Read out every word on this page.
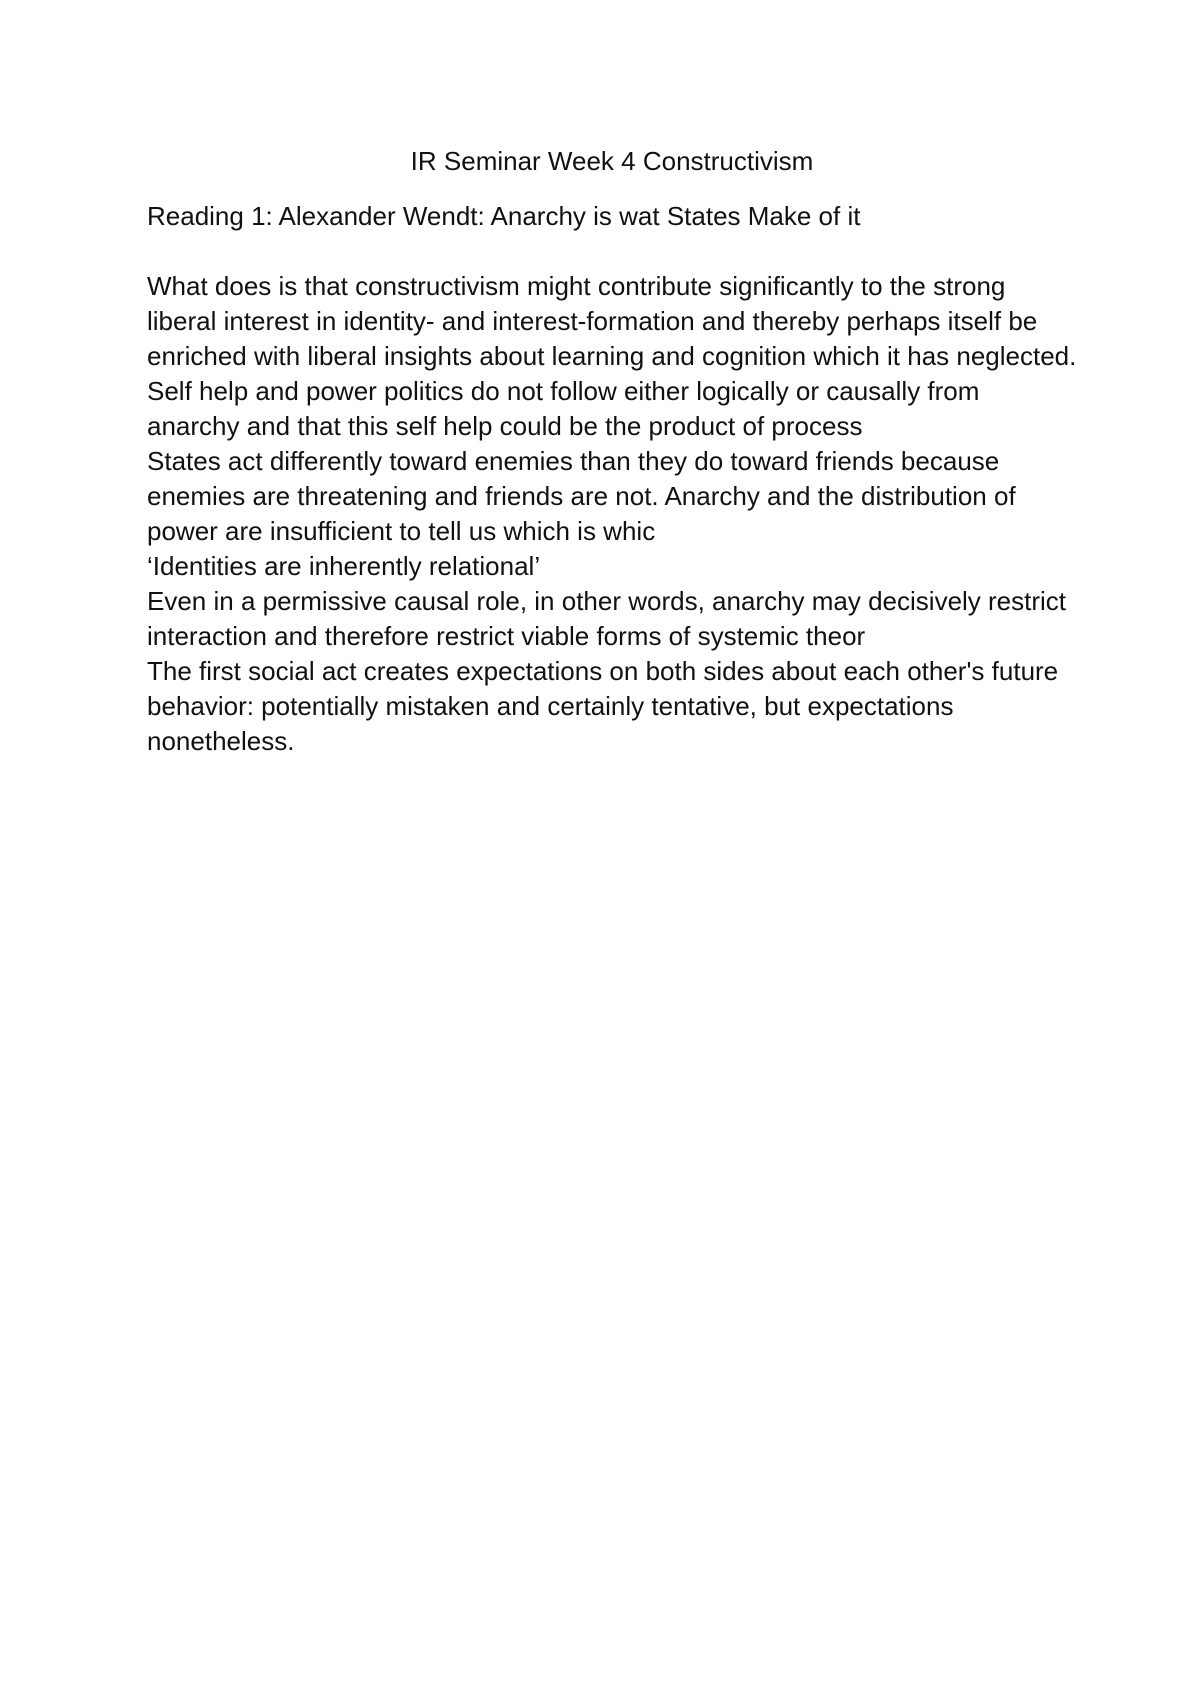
IR Seminar Week 4 Constructivism

Reading 1: Alexander Wendt: Anarchy is wat States Make of it

What does is that constructivism might contribute significantly to the strong liberal interest in identity- and interest-formation and thereby perhaps itself be enriched with liberal insights about learning and cognition which it has neglected.

Self help and power politics do not follow either logically or causally from anarchy and that this self help could be the product of process

States act differently toward enemies than they do toward friends because enemies are threatening and friends are not. Anarchy and the distribution of power are insufficient to tell us which is whic

‘Identities are inherently relational’

Even in a permissive causal role, in other words, anarchy may decisively restrict interaction and therefore restrict viable forms of systemic theor

The first social act creates expectations on both sides about each other's future behavior: potentially mistaken and certainly tentative, but expectations nonetheless.
